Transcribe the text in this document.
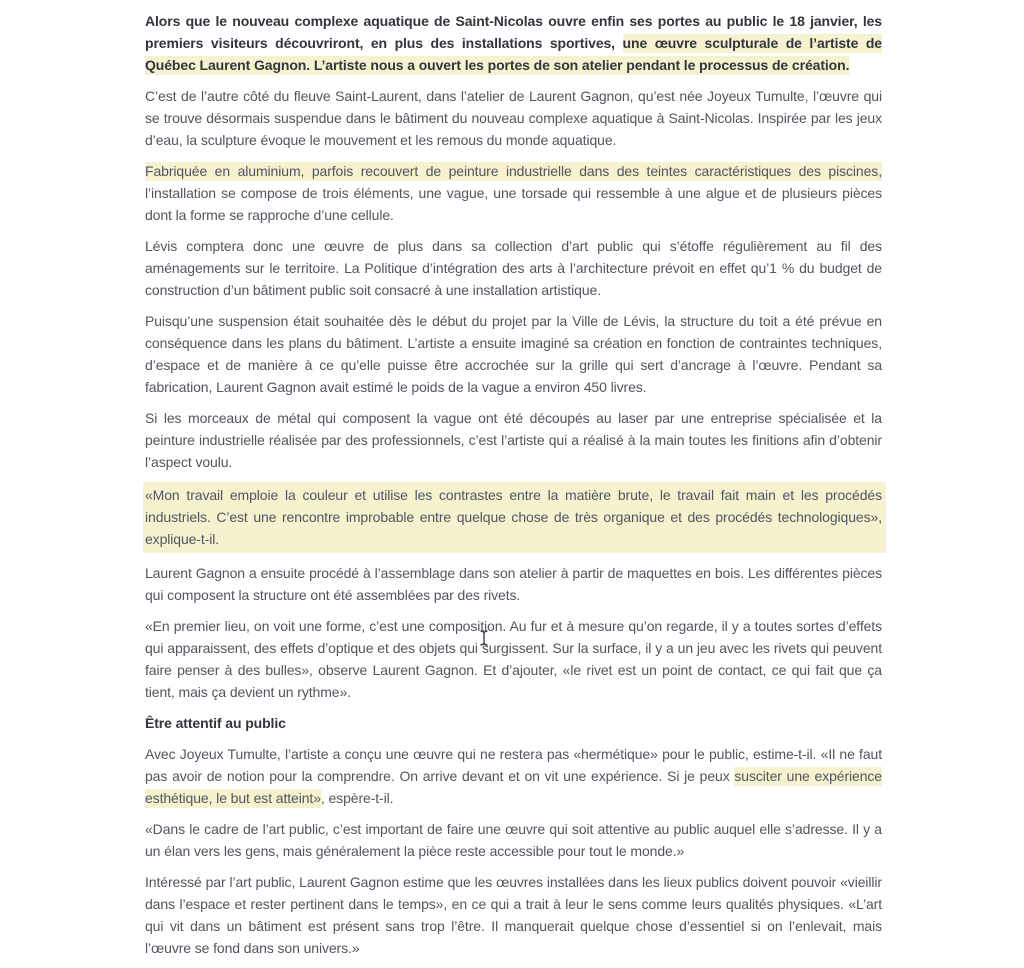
Alors que le nouveau complexe aquatique de Saint-Nicolas ouvre enfin ses portes au public le 18 janvier, les premiers visiteurs découvriront, en plus des installations sportives, une œuvre sculpturale de l’artiste de Québec Laurent Gagnon. L’artiste nous a ouvert les portes de son atelier pendant le processus de création.

C’est de l’autre côté du fleuve Saint-Laurent, dans l’atelier de Laurent Gagnon, qu’est née Joyeux Tumulte, l’œuvre qui se trouve désormais suspendue dans le bâtiment du nouveau complexe aquatique à Saint-Nicolas. Inspirée par les jeux d’eau, la sculpture évoque le mouvement et les remous du monde aquatique.

Fabriquée en aluminium, parfois recouvert de peinture industrielle dans des teintes caractéristiques des piscines, l’installation se compose de trois éléments, une vague, une torsade qui ressemble à une algue et de plusieurs pièces dont la forme se rapproche d’une cellule.

Lévis comptera donc une œuvre de plus dans sa collection d’art public qui s’étoffe régulièrement au fil des aménagements sur le territoire. La Politique d’intégration des arts à l’architecture prévoit en effet qu’1 % du budget de construction d’un bâtiment public soit consacré à une installation artistique.

Puisqu’une suspension était souhaitée dès le début du projet par la Ville de Lévis, la structure du toit a été prévue en conséquence dans les plans du bâtiment. L’artiste a ensuite imaginé sa création en fonction de contraintes techniques, d’espace et de manière à ce qu’elle puisse être accrochée sur la grille qui sert d’ancrage à l’œuvre. Pendant sa fabrication, Laurent Gagnon avait estimé le poids de la vague a environ 450 livres.

Si les morceaux de métal qui composent la vague ont été découpés au laser par une entreprise spécialisée et la peinture industrielle réalisée par des professionnels, c’est l’artiste qui a réalisé à la main toutes les finitions afin d’obtenir l’aspect voulu.

«Mon travail emploie la couleur et utilise les contrastes entre la matière brute, le travail fait main et les procédés industriels. C’est une rencontre improbable entre quelque chose de très organique et des procédés technologiques», explique-t-il.

Laurent Gagnon a ensuite procédé à l’assemblage dans son atelier à partir de maquettes en bois. Les différentes pièces qui composent la structure ont été assemblées par des rivets.

«En premier lieu, on voit une forme, c’est une composition. Au fur et à mesure qu’on regarde, il y a toutes sortes d’effets qui apparaissent, des effets d’optique et des objets qui surgissent. Sur la surface, il y a un jeu avec les rivets qui peuvent faire penser à des bulles», observe Laurent Gagnon. Et d’ajouter, «le rivet est un point de contact, ce qui fait que ça tient, mais ça devient un rythme».

Être attentif au public

Avec Joyeux Tumulte, l’artiste a conçu une œuvre qui ne restera pas «hermétique» pour le public, estime-t-il. «Il ne faut pas avoir de notion pour la comprendre. On arrive devant et on vit une expérience. Si je peux susciter une expérience esthétique, le but est atteint», espère-t-il.

«Dans le cadre de l’art public, c’est important de faire une œuvre qui soit attentive au public auquel elle s’adresse. Il y a un élan vers les gens, mais généralement la pièce reste accessible pour tout le monde.»

Intéressé par l’art public, Laurent Gagnon estime que les œuvres installées dans les lieux publics doivent pouvoir «vieillir dans l’espace et rester pertinent dans le temps», en ce qui a trait à leur le sens comme leurs qualités physiques. «L’art qui vit dans un bâtiment est présent sans trop l’être. Il manquerait quelque chose d’essentiel si on l’enlevait, mais l’œuvre se fond dans son univers.»
